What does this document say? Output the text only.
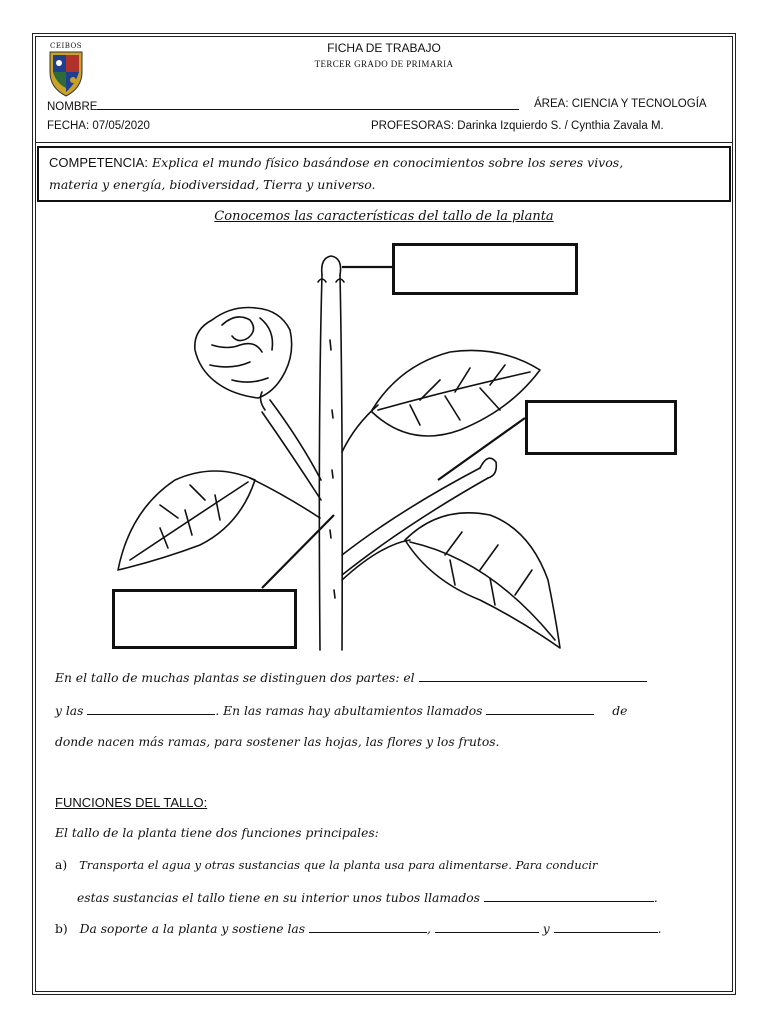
CEIBOS	FICHA DE TRABAJO
TERCER GRADO DE PRIMARIA
NOMBRE	ÁREA: CIENCIA Y TECNOLOGÍA
FECHA: 07/05/2020	PROFESORAS: Darinka Izquierdo S. / Cynthia Zavala M.
COMPETENCIA: Explica el mundo físico basándose en conocimientos sobre los seres vivos,
materia y energía, biodiversidad, Tierra y universo.
Conocemos las características del tallo de la planta
En el tallo de muchas plantas se distinguen dos partes: el
y las	. En las ramas hay abultamientos llamados	de
donde nacen más ramas, para sostener las hojas, las flores y los frutos.
FUNCIONES DEL TALLO:
El tallo de la planta tiene dos funciones principales:
a) Transporta el agua y otras sustancias que la planta usa para alimentarse. Para conducir
estas sustancias el tallo tiene en su interior unos tubos llamados	.
b) Da soporte a la planta y sostiene las	,	y	.
